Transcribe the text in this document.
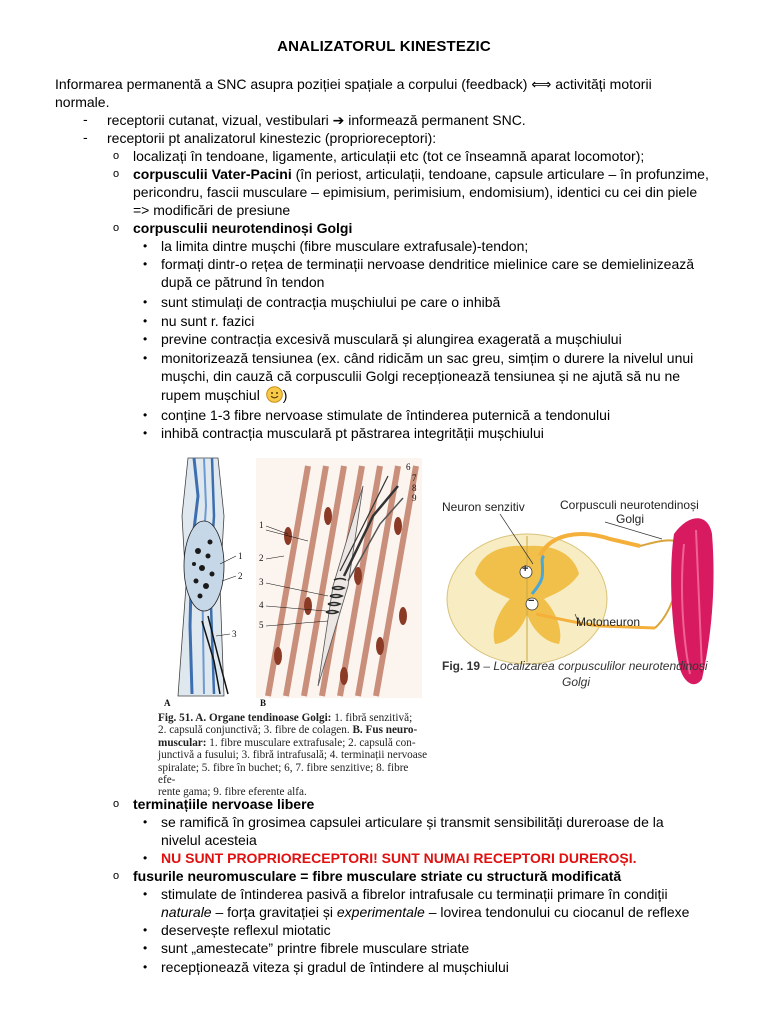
ANALIZATORUL KINESTEZIC
Informarea permanentă a SNC asupra poziției spațiale a corpului (feedback) ⟺ activități motorii
normale.
- receptorii cutanat, vizual, vestibulari ➔ informează permanent SNC.
- receptorii pt analizatorul kinestezic (proprioreceptori):
o localizați în tendoane, ligamente, articulații etc (tot ce înseamnă aparat locomotor);
o corpusculii Vater-Pacini (în periost, articulații, tendoane, capsule articulare – în profunzime,
pericondru, fascii musculare – epimisium, perimisium, endomisium), identici cu cei din piele
=> modificări de presiune
o corpusculii neurotendinoși Golgi
• la limita dintre mușchi (fibre musculare extrafusale)-tendon;
• formați dintr-o rețea de terminații nervoase dendritice mielinice care se demielinizează
după ce pătrund în tendon
• sunt stimulați de contracția mușchiului pe care o inhibă
• nu sunt r. fazici
• previne contracția excesivă musculară și alungirea exagerată a mușchiului
• monitorizează tensiunea (ex. când ridicăm un sac greu, simțim o durere la nivelul unui
mușchi, din cauză că corpusculii Golgi recepționează tensiunea și ne ajută să nu ne
rupem mușchiul )
• conține 1-3 fibre nervoase stimulate de întinderea puternică a tendonului
• inhibă contracția musculară pt păstrarea integrității mușchiului
A	B
1
2
3
1
2
3
4
5
6
7
8
9
Fig. 51. A. Organe tendinoase Golgi: 1. fibră senzitivă;
2. capsulă conjunctivă; 3. fibre de colagen. B. Fus neuro-
muscular: 1. fibre musculare extrafusale; 2. capsulă con-
junctivă a fusului; 3. fibră intrafusală; 4. terminații nervoase
spiralate; 5. fibre în buchet; 6, 7. fibre senzitive; 8. fibre efe-
rente gama; 9. fibre eferente alfa.
Neuron senzitiv	Corpusculi neurotendinoși
Golgi
Motoneuron
+
−
Fig. 19 – Localizarea corpusculilor neurotendinoși
Golgi
o terminațiile nervoase libere
• se ramifică în grosimea capsulei articulare și transmit sensibilități dureroase de la
nivelul acesteia
• NU SUNT PROPRIORECEPTORI! SUNT NUMAI RECEPTORI DUREROȘI.
o fusurile neuromusculare = fibre musculare striate cu structură modificată
• stimulate de întinderea pasivă a fibrelor intrafusale cu terminații primare în condiții
naturale – forța gravitației și experimentale – lovirea tendonului cu ciocanul de reflexe
• deservește reflexul miotatic
• sunt „amestecate” printre fibrele musculare striate
• recepționează viteza și gradul de întindere al mușchiului
